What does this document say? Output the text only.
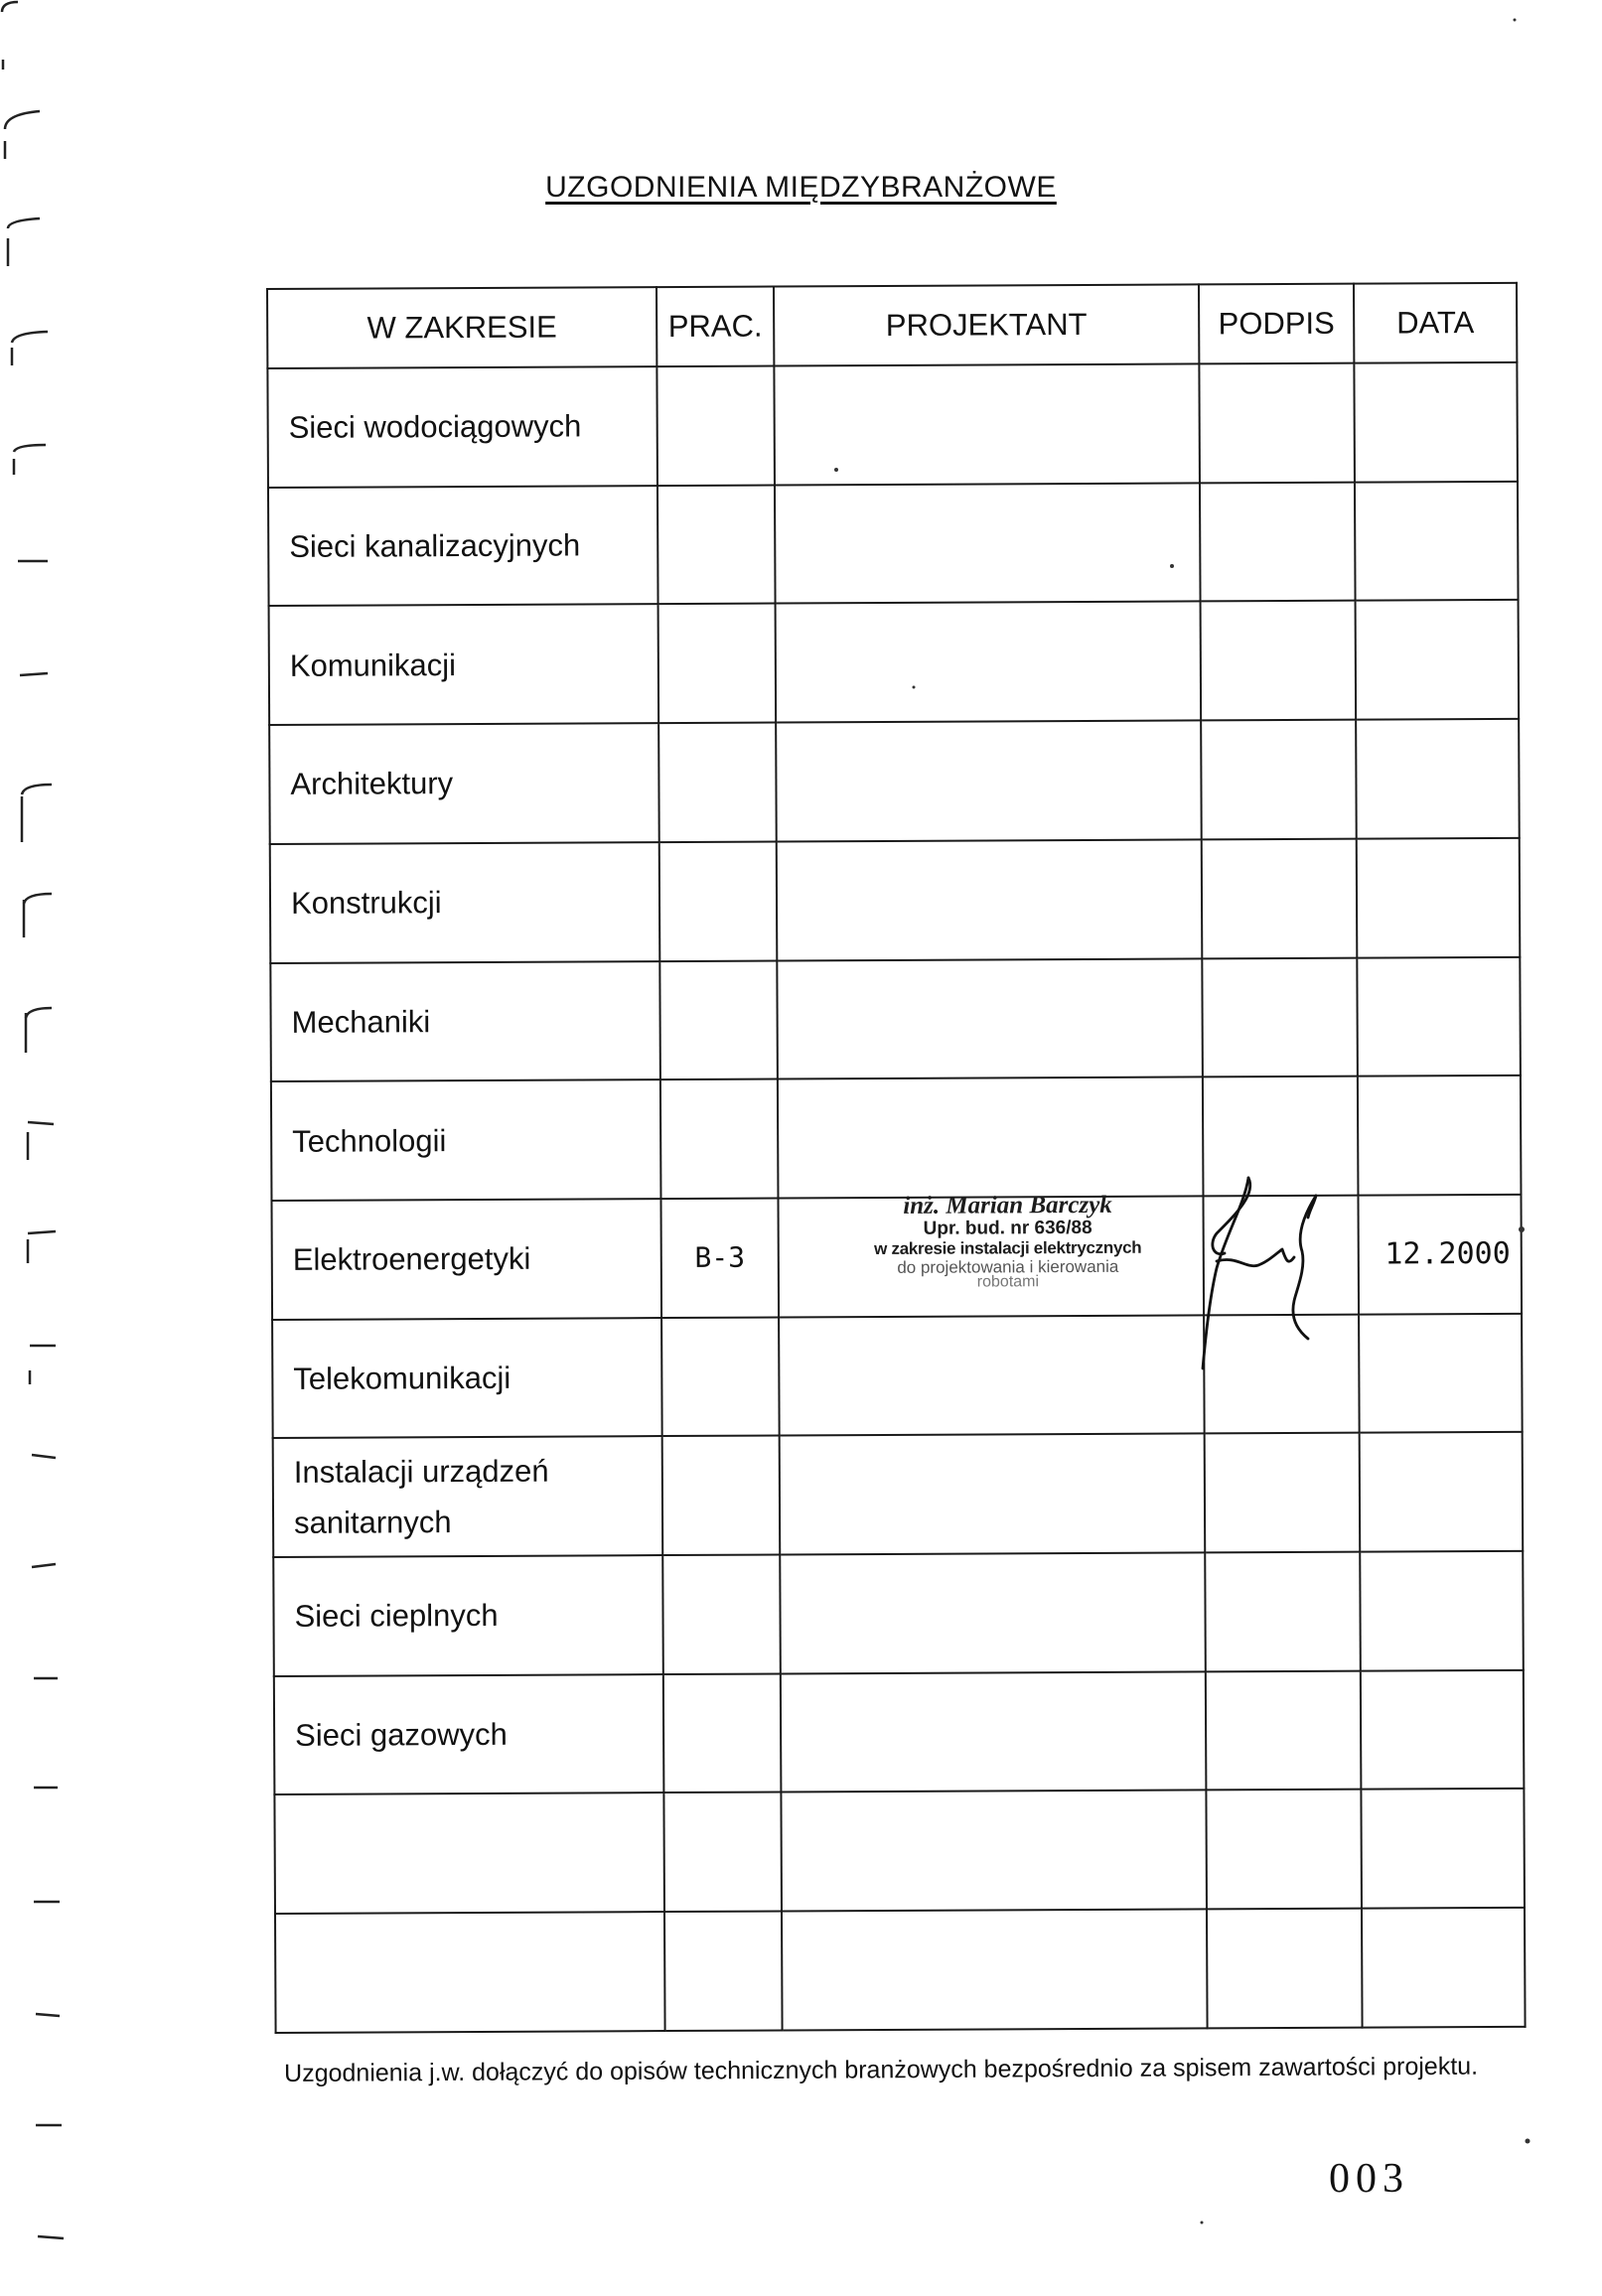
UZGODNIENIA MIĘDZYBRANŻOWE
W ZAKRESIE	PRAC.	PROJEKTANT	PODPIS	DATA
Sieci wodociągowych				
Sieci kanalizacyjnych				
Komunikacji				
Architektury				
Konstrukcji				
Mechaniki				
Technologii				
Elektroenergetyki	B-3	inż. Marian Barczyk
Upr. bud. nr 636/88
w zakresie instalacji elektrycznych
do projektowania i kierowania
robotami		12.2000
Telekomunikacji				
Instalacji urządzeń sanitarnych				
Sieci cieplnych				
Sieci gazowych				

Uzgodnienia j.w. dołączyć do opisów technicznych branżowych bezpośrednio za spisem zawartości projektu.
003
